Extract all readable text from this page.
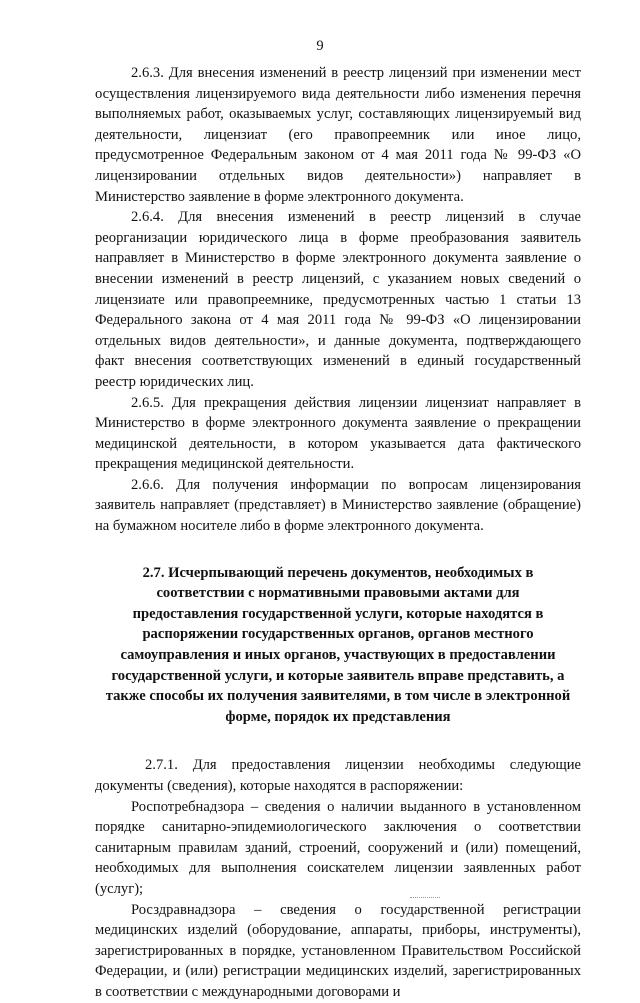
9

2.6.3. Для внесения изменений в реестр лицензий при изменении мест осуществления лицензируемого вида деятельности либо изменения перечня выполняемых работ, оказываемых услуг, составляющих лицензируемый вид деятельности, лицензиат (его правопреемник или иное лицо, предусмотренное Федеральным законом от 4 мая 2011 года № 99-ФЗ «О лицензировании отдельных видов деятельности») направляет в Министерство заявление в форме электронного документа.

2.6.4. Для внесения изменений в реестр лицензий в случае реорганизации юридического лица в форме преобразования заявитель направляет в Министерство в форме электронного документа заявление о внесении изменений в реестр лицензий, с указанием новых сведений о лицензиате или правопреемнике, предусмотренных частью 1 статьи 13 Федерального закона от 4 мая 2011 года № 99-ФЗ «О лицензировании отдельных видов деятельности», и данные документа, подтверждающего факт внесения соответствующих изменений в единый государственный реестр юридических лиц.

2.6.5. Для прекращения действия лицензии лицензиат направляет в Министерство в форме электронного документа заявление о прекращении медицинской деятельности, в котором указывается дата фактического прекращения медицинской деятельности.

2.6.6. Для получения информации по вопросам лицензирования заявитель направляет (представляет) в Министерство заявление (обращение) на бумажном носителе либо в форме электронного документа.

2.7. Исчерпывающий перечень документов, необходимых в
соответствии с нормативными правовыми актами для
предоставления государственной услуги, которые находятся в
распоряжении государственных органов, органов местного
самоуправления и иных органов, участвующих в предоставлении
государственной услуги, и которые заявитель вправе представить, а
также способы их получения заявителями, в том числе в электронной
форме, порядок их представления

2.7.1. Для предоставления лицензии необходимы следующие документы (сведения), которые находятся в распоряжении:

Роспотребнадзора – сведения о наличии выданного в установленном порядке санитарно-эпидемиологического заключения о соответствии санитарным правилам зданий, строений, сооружений и (или) помещений, необходимых для выполнения соискателем лицензии заявленных работ (услуг);

Росздравнадзора – сведения о государственной регистрации медицинских изделий (оборудование, аппараты, приборы, инструменты), зарегистрированных в порядке, установленном Правительством Российской Федерации, и (или) регистрации медицинских изделий, зарегистрированных в соответствии с международными договорами и
